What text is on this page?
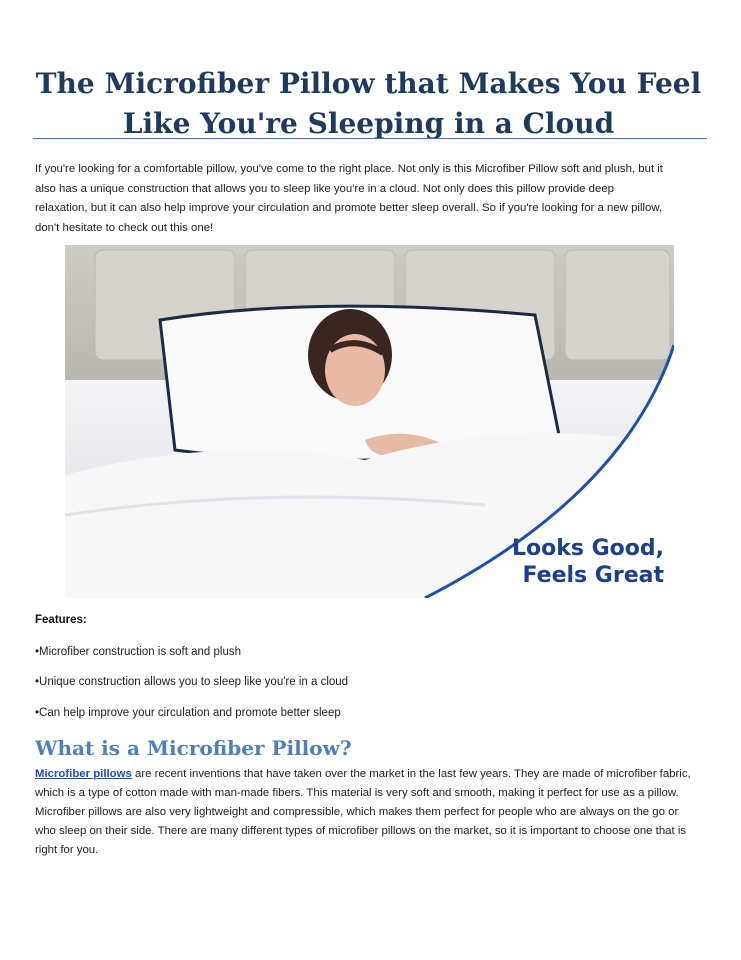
The Microfiber Pillow that Makes You Feel Like You're Sleeping in a Cloud

If you're looking for a comfortable pillow, you've come to the right place. Not only is this Microfiber Pillow soft and plush, but it also has a unique construction that allows you to sleep like you're in a cloud. Not only does this pillow provide deep relaxation, but it can also help improve your circulation and promote better sleep overall. So if you're looking for a new pillow, don't hesitate to check out this one!

Looks Good,
Feels Great
Features:
•Microfiber construction is soft and plush
•Unique construction allows you to sleep like you're in a cloud
•Can help improve your circulation and promote better sleep
What is a Microfiber Pillow?

Microfiber pillows are recent inventions that have taken over the market in the last few years. They are made of microfiber fabric, which is a type of cotton made with man-made fibers. This material is very soft and smooth, making it perfect for use as a pillow. Microfiber pillows are also very lightweight and compressible, which makes them perfect for people who are always on the go or who sleep on their side. There are many different types of microfiber pillows on the market, so it is important to choose one that is right for you.
